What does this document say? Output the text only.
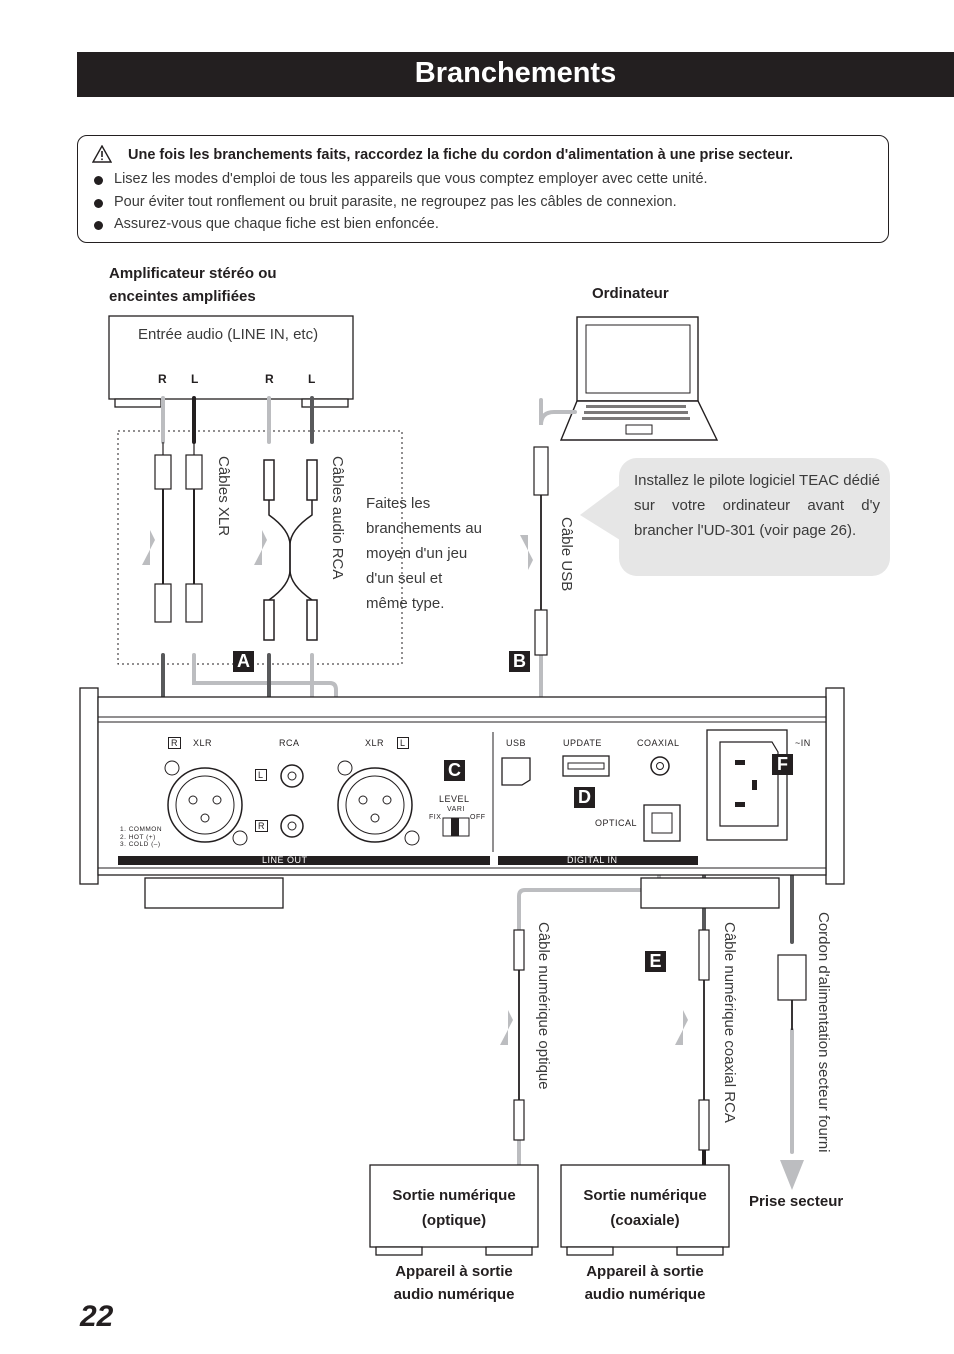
Branchements
Une fois les branchements faits, raccordez la fiche du cordon d'alimentation à une prise secteur.
Lisez les modes d'emploi de tous les appareils que vous comptez employer avec cette unité.
Pour éviter tout ronflement ou bruit parasite, ne regroupez pas les câbles de connexion.
Assurez-vous que chaque fiche est bien enfoncée.
Amplificateur stéréo ou
enceintes amplifiées	Ordinateur
Entrée audio (LINE IN, etc)
R L	R	L
Câbles XLR	Câbles audio RCA	Câble USB
Câble numérique optique	Câble numérique coaxial RCA	Cordon d'alimentation secteur fourni
Faites les
branchements au
moyen d'un jeu
d'un seul et
même type.
Installez le pilote logiciel TEAC dédié sur votre ordinateur avant d'y brancher l'UD-301 (voir page 26).
A	B
C
D
E
F
R	XLR	RCA	XLR	L
L
R
LEVEL
VARI
FIX	OFF
USB	UPDATE	COAXIAL
OPTICAL
~IN
1. COMMON
2. HOT (+)
3. COLD (–)
LINE OUT	DIGITAL IN
Sortie numérique
(optique)
Sortie numérique
(coaxiale)
Appareil à sortie
audio numérique
Appareil à sortie
audio numérique
Prise secteur
22
